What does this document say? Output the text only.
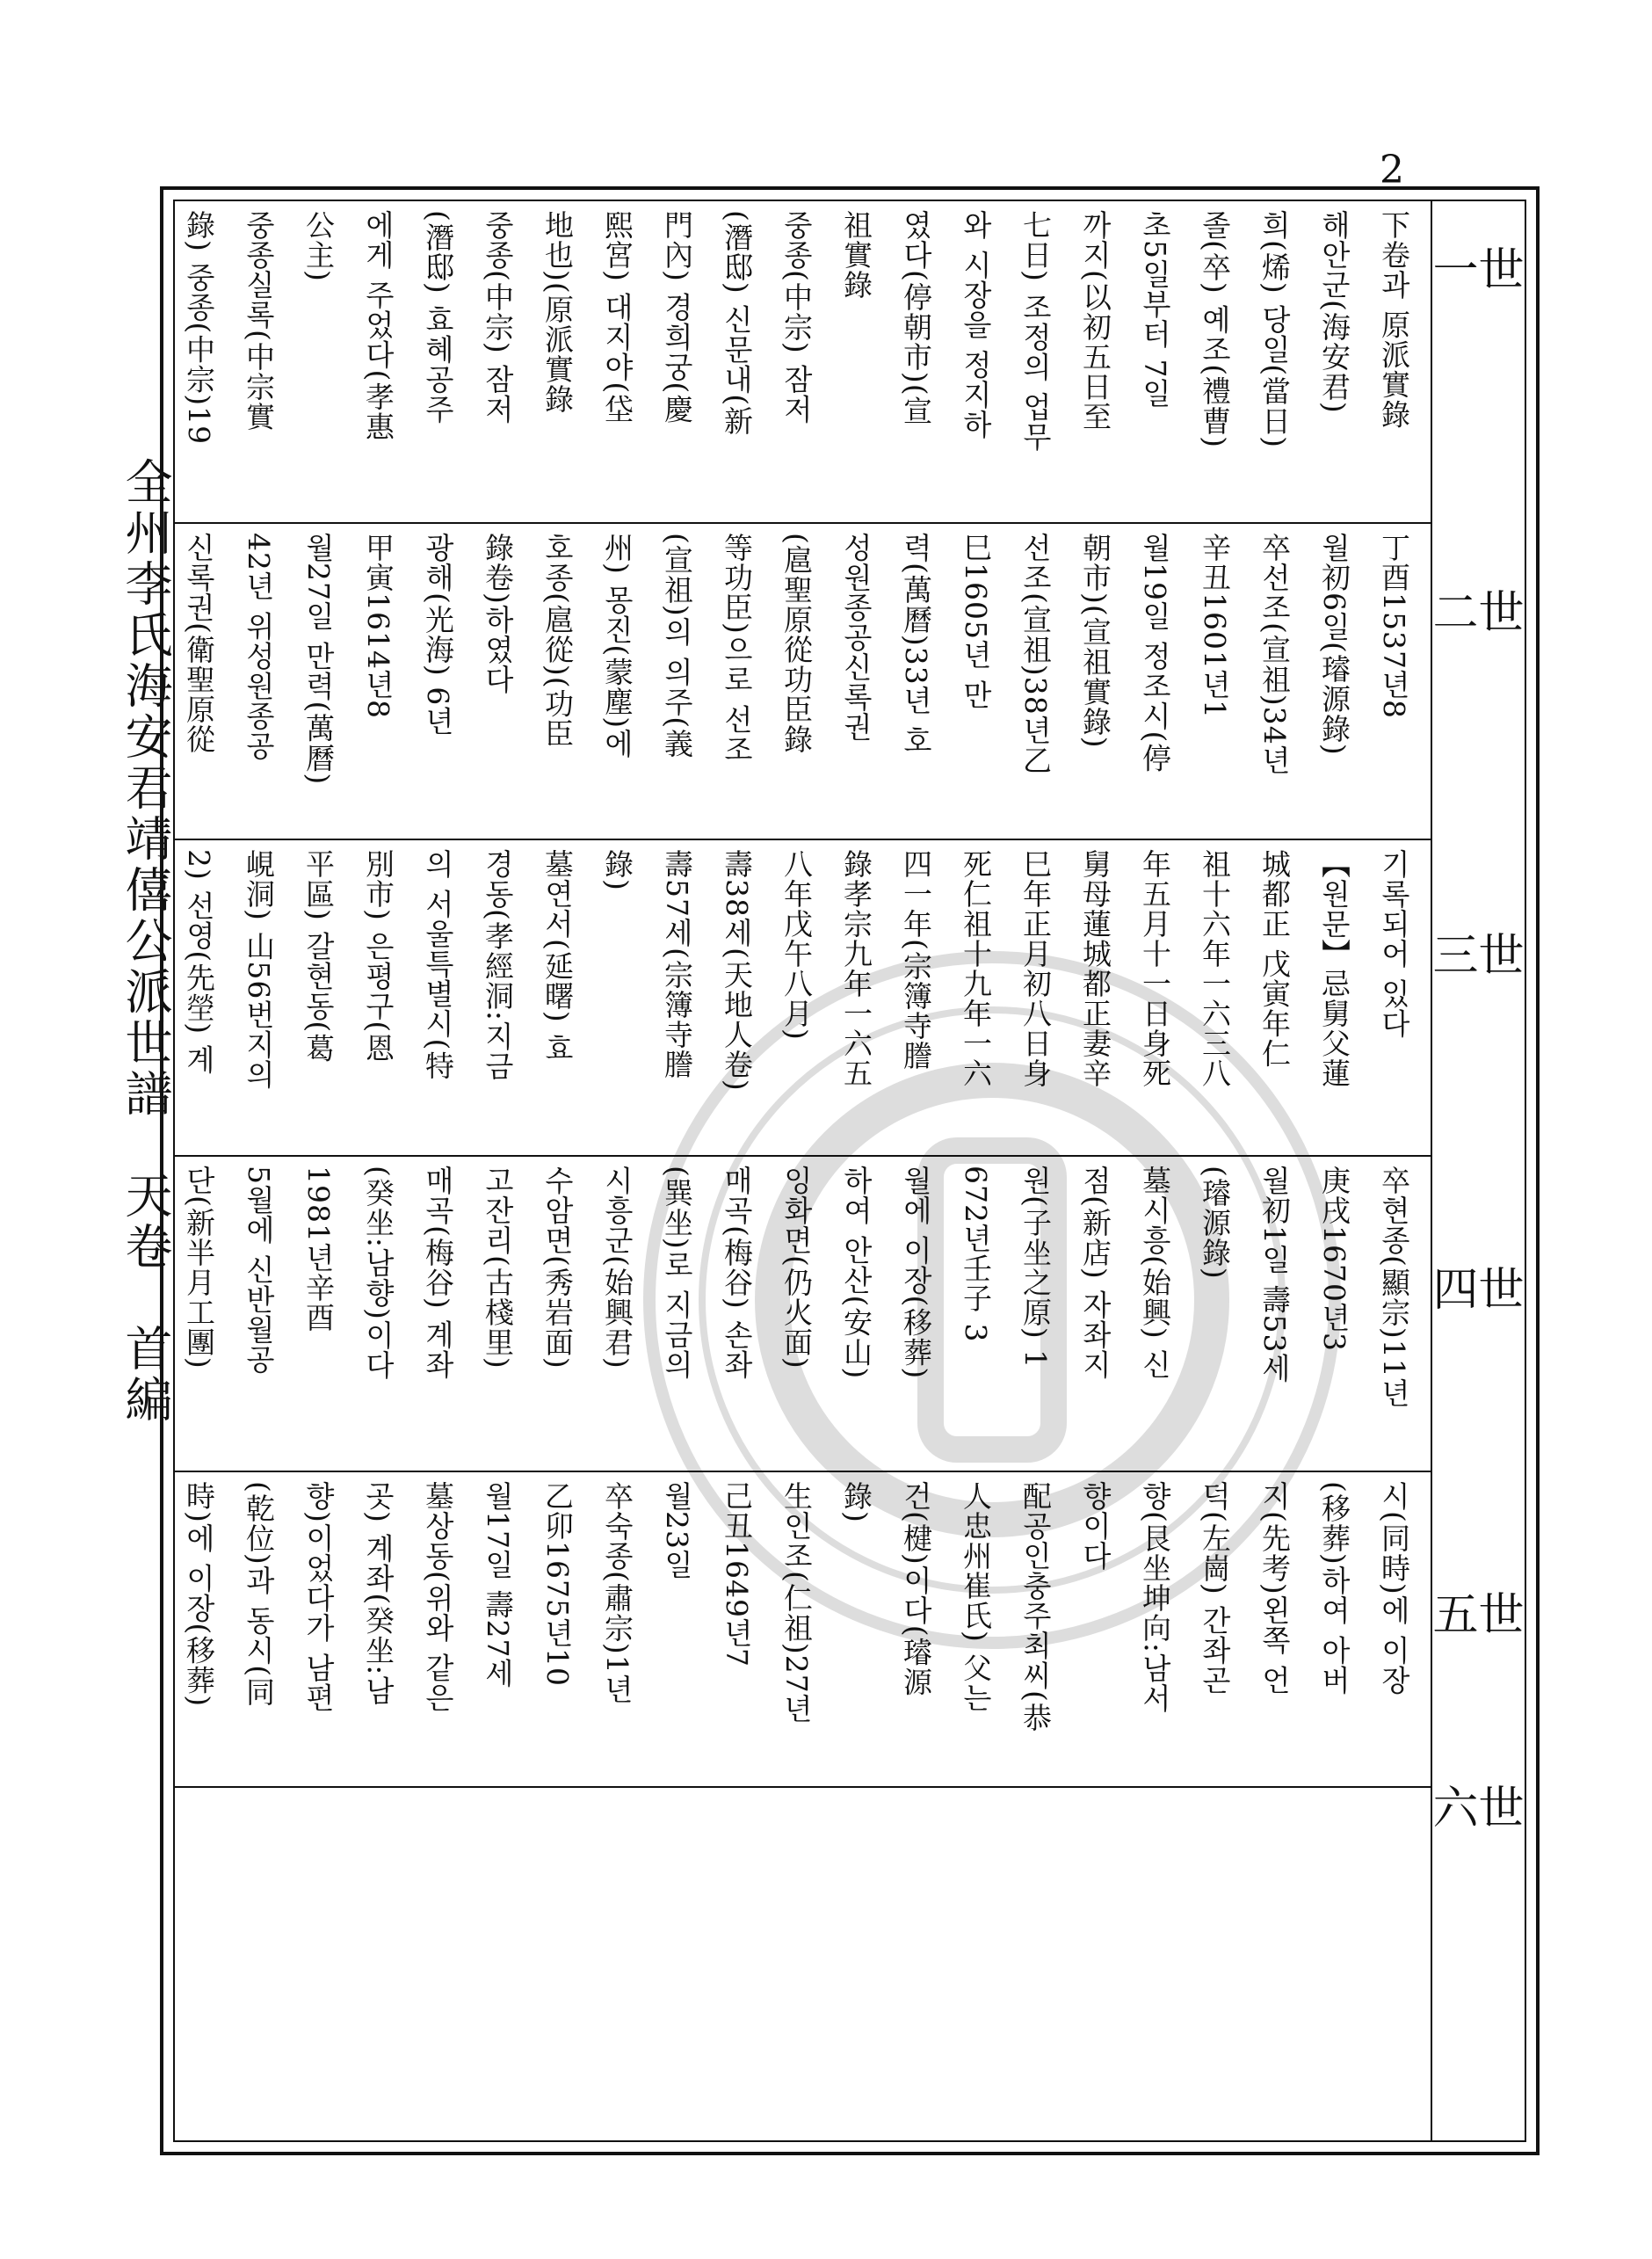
2
全州李氏海安君靖僖公派世譜　天卷　首編
一世
二世
三世
四世
五世
六世
下卷과 原派實錄
해안군(海安君)
희(烯) 당일(當日)
졸(卒) 예조(禮曹)
초5일부터 7일
까지(以初五日至
七日) 조정의 업무
와 시장을 정지하
였다(停朝市)(宣
祖實錄
중종(中宗) 잠저
(潛邸) 신문내(新
門內) 경희궁(慶
熙宮) 대지야(垈
地也)(原派實錄
중종(中宗) 잠저
(潛邸) 효혜공주
에게 주었다(孝惠
公主)
중종실록(中宗實
錄) 중종(中宗)19

丁酉1537년8
월初6일(璿源錄)
卒선조(宣祖)34년
辛丑1601년1
월19일 정조시(停
朝市)(宣祖實錄)
선조(宣祖)38년乙
巳1605년 만
력(萬曆)33년 호
성원종공신록권
(扈聖原從功臣錄
等功臣)으로 선조
(宣祖)의 의주(義
州) 몽진(蒙塵)에
호종(扈從)(功臣
錄卷)하였다
광해(光海) 6년
甲寅1614년8
월27일 만력(萬曆)
42년 위성원종공
신록권(衛聖原從

기록되어 있다
【원문】忌舅父蓮
城都正 戊寅年仁
祖十六年一六三八
年五月十一日身死
舅母蓮城都正妻辛
巳年正月初八日身
死仁祖十九年一六
四一年(宗簿寺謄
錄孝宗九年一六五
八年戊午八月)
壽38세(天地人卷)
壽57세(宗簿寺謄
錄)
墓연서(延曙) 효
경동(孝經洞:지금
의 서울특별시(特
別市) 은평구(恩
平區) 갈현동(葛
峴洞) 山56번지의
2) 선영(先塋) 계

卒현종(顯宗)11년
庚戌1670년3
월初1일 壽53세
(璿源錄)
墓시흥(始興) 신
점(新店) 자좌지
원(子坐之原) 1
672년壬子 3
월에 이장(移葬)
하여 안산(安山)
잉화면(仍火面)
매곡(梅谷) 손좌
(巽坐)로 지금의
시흥군(始興君)
수암면(秀岩面)
고잔리(古棧里)
매곡(梅谷) 계좌
(癸坐:남향)이다
1981년辛酉
5월에 신반월공
단(新半月工團)

시(同時)에 이장
(移葬)하여 아버
지(先考)왼쪽 언
덕(左崗) 간좌곤
향(艮坐坤向:남서
향이다
配공인충주최씨(恭
人忠州崔氏) 父는
건(楗)이다(璿源
錄)
生인조(仁祖)27년
己丑1649년7
월23일
卒숙종(肅宗)1년
乙卯1675년10
월17일 壽27세
墓상동(위와 같은
곳) 계좌(癸坐:남
향)이었다가 남편
(乾位)과 동시(同
時)에 이장(移葬)
